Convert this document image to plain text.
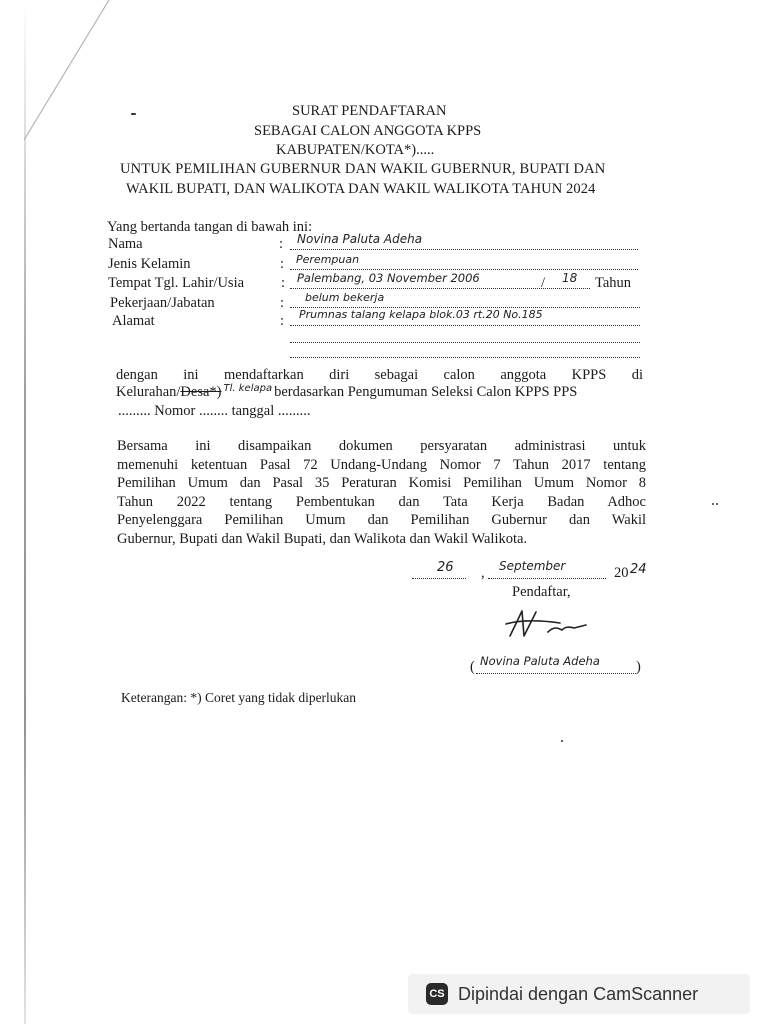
SURAT PENDAFTARAN
SEBAGAI CALON ANGGOTA KPPS
KABUPATEN/KOTA*).....
UNTUK PEMILIHAN GUBERNUR DAN WAKIL GUBERNUR, BUPATI DAN
WAKIL BUPATI, DAN WALIKOTA DAN WAKIL WALIKOTA TAHUN 2024
Yang bertanda tangan di bawah ini:
Nama	: Novina Paluta Adeha
Jenis Kelamin	: Perempuan
Tempat Tgl. Lahir/Usia	: Palembang, 03 November 2006	/ 18 Tahun
Pekerjaan/Jabatan	: belum bekerja
Alamat	: Prumnas talang kelapa blok.03 rt.20 No.185
dengan ini mendaftarkan diri sebagai calon anggota KPPS di
Kelurahan/Desa*) $^{Tl. kelapa}$ berdasarkan Pengumuman Seleksi Calon KPPS PPS
......... Nomor ........ tanggal .........
Bersama ini disampaikan dokumen persyaratan administrasi untuk
memenuhi ketentuan Pasal 72 Undang-Undang Nomor 7 Tahun 2017 tentang
Pemilihan Umum dan Pasal 35 Peraturan Komisi Pemilihan Umum Nomor 8
Tahun 2022 tentang Pembentukan dan Tata Kerja Badan Adhoc
Penyelenggara Pemilihan Umum dan Pemilihan Gubernur dan Wakil
Gubernur, Bupati dan Wakil Bupati, dan Walikota dan Wakil Walikota.
26 , September	20 24
Pendaftar,
( Novina Paluta Adeha )
Keterangan: *) Coret yang tidak diperlukan
CS Dipindai dengan CamScanner
